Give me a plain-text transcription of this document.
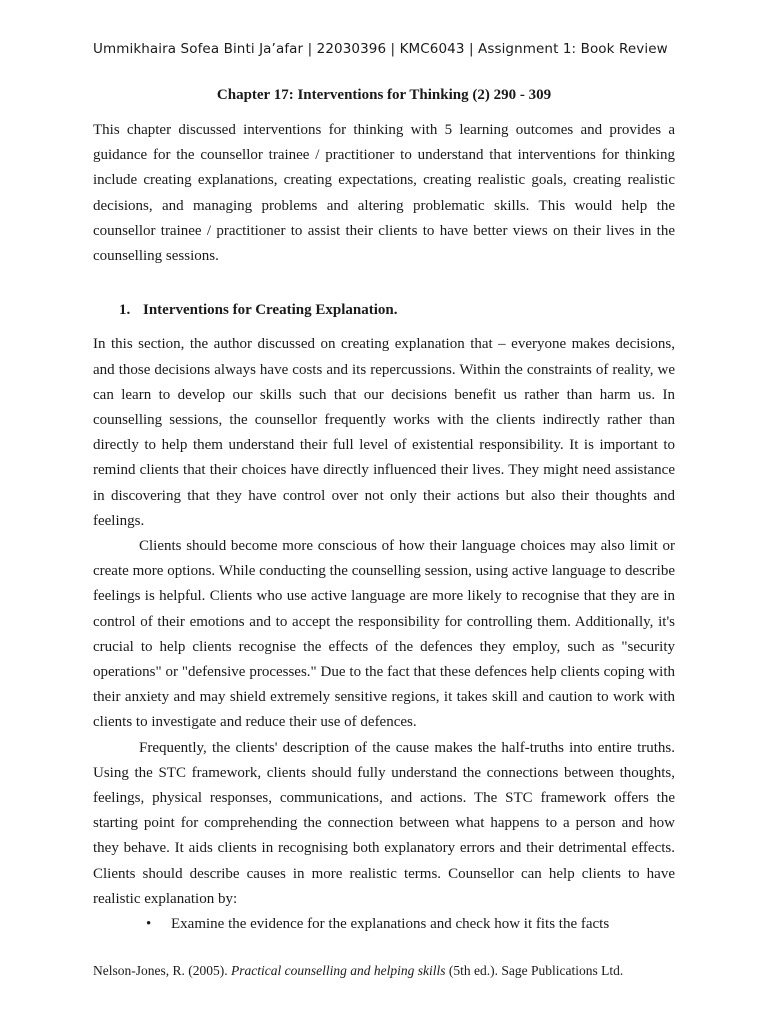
Ummikhaira Sofea Binti Ja’afar | 22030396 | KMC6043 | Assignment 1: Book Review
Chapter 17: Interventions for Thinking (2) 290 - 309

This chapter discussed interventions for thinking with 5 learning outcomes and provides a guidance for the counsellor trainee / practitioner to understand that interventions for thinking include creating explanations, creating expectations, creating realistic goals, creating realistic decisions, and managing problems and altering problematic skills. This would help the counsellor trainee / practitioner to assist their clients to have better views on their lives in the counselling sessions.

1. Interventions for Creating Explanation.

In this section, the author discussed on creating explanation that – everyone makes decisions, and those decisions always have costs and its repercussions. Within the constraints of reality, we can learn to develop our skills such that our decisions benefit us rather than harm us. In counselling sessions, the counsellor frequently works with the clients indirectly rather than directly to help them understand their full level of existential responsibility. It is important to remind clients that their choices have directly influenced their lives. They might need assistance in discovering that they have control over not only their actions but also their thoughts and feelings.

Clients should become more conscious of how their language choices may also limit or create more options. While conducting the counselling session, using active language to describe feelings is helpful. Clients who use active language are more likely to recognise that they are in control of their emotions and to accept the responsibility for controlling them. Additionally, it's crucial to help clients recognise the effects of the defences they employ, such as "security operations" or "defensive processes." Due to the fact that these defences help clients coping with their anxiety and may shield extremely sensitive regions, it takes skill and caution to work with clients to investigate and reduce their use of defences.

Frequently, the clients' description of the cause makes the half-truths into entire truths. Using the STC framework, clients should fully understand the connections between thoughts, feelings, physical responses, communications, and actions. The STC framework offers the starting point for comprehending the connection between what happens to a person and how they behave. It aids clients in recognising both explanatory errors and their detrimental effects. Clients should describe causes in more realistic terms. Counsellor can help clients to have realistic explanation by:

• Examine the evidence for the explanations and check how it fits the facts
Nelson-Jones, R. (2005). Practical counselling and helping skills (5th ed.). Sage Publications Ltd.
